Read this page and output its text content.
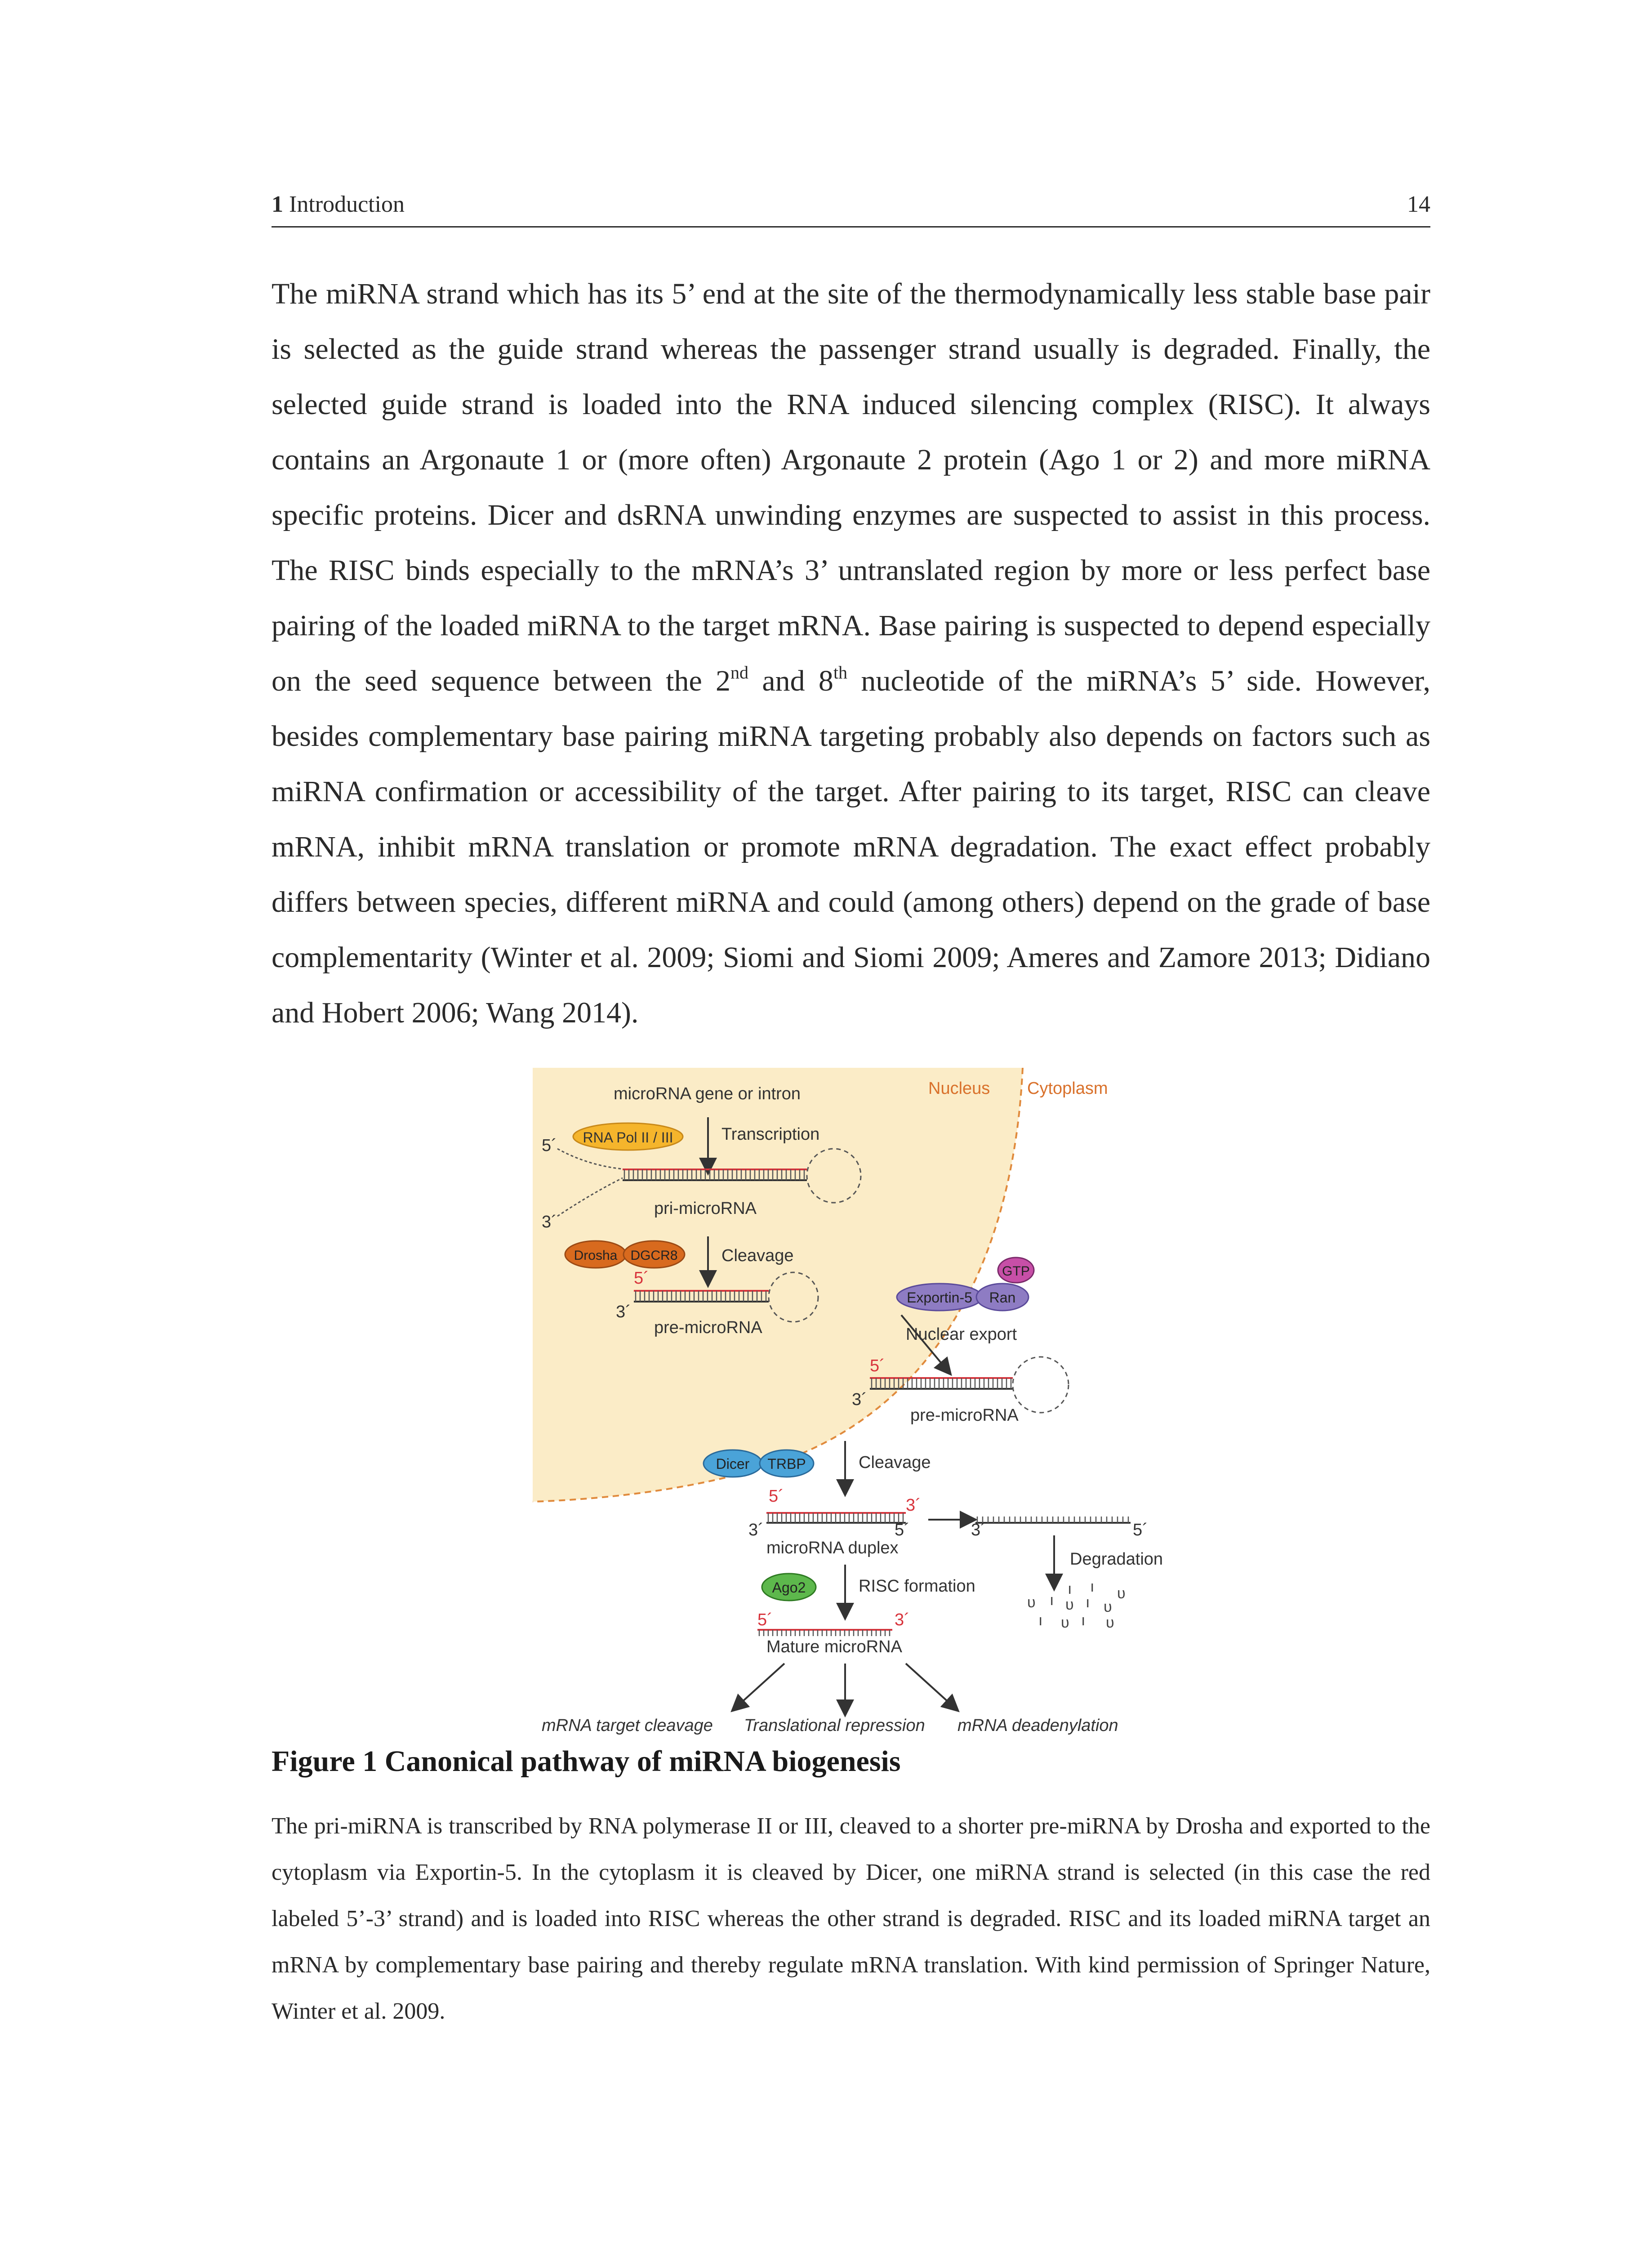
1 Introduction	14
The miRNA strand which has its 5’ end at the site of the thermodynamically less stable base pair is selected as the guide strand whereas the passenger strand usually is degraded. Finally, the selected guide strand is loaded into the RNA induced silencing complex (RISC). It always contains an Argonaute 1 or (more often) Argonaute 2 protein (Ago 1 or 2) and more miRNA specific proteins. Dicer and dsRNA unwinding enzymes are suspected to assist in this process. The RISC binds especially to the mRNA’s 3’ untranslated region by more or less perfect base pairing of the loaded miRNA to the target mRNA. Base pairing is suspected to depend especially on the seed sequence between the 2nd and 8th nucleotide of the miRNA’s 5’ side. However, besides complementary base pairing miRNA targeting probably also depends on factors such as miRNA confirmation or accessibility of the target. After pairing to its target, RISC can cleave mRNA, inhibit mRNA translation or promote mRNA degradation. The exact effect probably differs between species, different miRNA and could (among others) depend on the grade of base complementarity (Winter et al. 2009; Siomi and Siomi 2009; Ameres and Zamore 2013; Didiano and Hobert 2006; Wang 2014).
Nucleus Cytoplasm
microRNA gene or intron
RNA Pol II / III	Transcription
5´
3´
pri-microRNA
Drosha DGCR8	Cleavage
5´
3´
pre-microRNA
Exportin-5 Ran
GTP
Nuclear export
5´
3´
pre-microRNA
Dicer TRBP	Cleavage
5´	3´
3´	5´
microRNA duplex
3´	5´
Degradation
ı ı ᴜ
ᴜ ı ᴜ ı ᴜ
ı ᴜ ı ᴜ
Ago2	RISC formation
5´	3´
Mature microRNA
mRNA target cleavage Translational repression mRNA deadenylation
Figure 1 Canonical pathway of miRNA biogenesis
The pri-miRNA is transcribed by RNA polymerase II or III, cleaved to a shorter pre-miRNA by Drosha and exported to the cytoplasm via Exportin-5. In the cytoplasm it is cleaved by Dicer, one miRNA strand is selected (in this case the red labeled 5’-3’ strand) and is loaded into RISC whereas the other strand is degraded. RISC and its loaded miRNA target an mRNA by complementary base pairing and thereby regulate mRNA translation. With kind permission of Springer Nature, Winter et al. 2009.
